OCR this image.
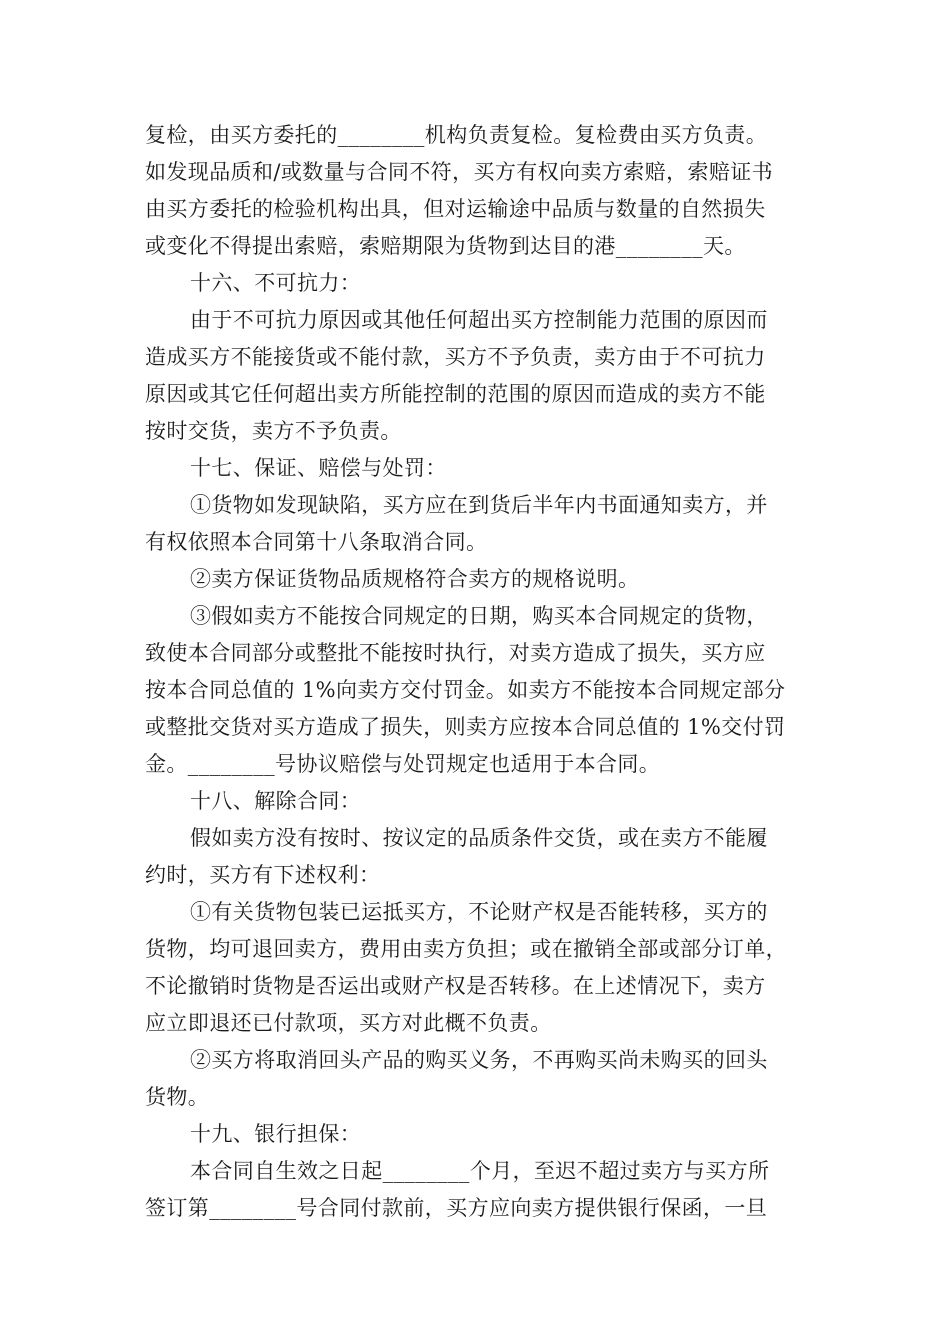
复检，由买方委托的________机构负责复检。复检费由买方负责。
如发现品质和/或数量与合同不符，买方有权向卖方索赔，索赔证书
由买方委托的检验机构出具，但对运输途中品质与数量的自然损失
或变化不得提出索赔，索赔期限为货物到达目的港________天。
十六、不可抗力：
由于不可抗力原因或其他任何超出买方控制能力范围的原因而
造成买方不能接货或不能付款，买方不予负责，卖方由于不可抗力
原因或其它任何超出卖方所能控制的范围的原因而造成的卖方不能
按时交货，卖方不予负责。
十七、保证、赔偿与处罚：
①货物如发现缺陷，买方应在到货后半年内书面通知卖方，并
有权依照本合同第十八条取消合同。
②卖方保证货物品质规格符合卖方的规格说明。
③假如卖方不能按合同规定的日期，购买本合同规定的货物，
致使本合同部分或整批不能按时执行，对卖方造成了损失，买方应
按本合同总值的 1%向卖方交付罚金。如卖方不能按本合同规定部分
或整批交货对买方造成了损失，则卖方应按本合同总值的 1%交付罚
金。________号协议赔偿与处罚规定也适用于本合同。
十八、解除合同：
假如卖方没有按时、按议定的品质条件交货，或在卖方不能履
约时，买方有下述权利：
①有关货物包装已运抵买方，不论财产权是否能转移，买方的
货物，均可退回卖方，费用由卖方负担；或在撤销全部或部分订单，
不论撤销时货物是否运出或财产权是否转移。在上述情况下，卖方
应立即退还已付款项，买方对此概不负责。
②买方将取消回头产品的购买义务，不再购买尚未购买的回头
货物。
十九、银行担保：
本合同自生效之日起________个月，至迟不超过卖方与买方所
签订第________号合同付款前，买方应向卖方提供银行保函，一旦
